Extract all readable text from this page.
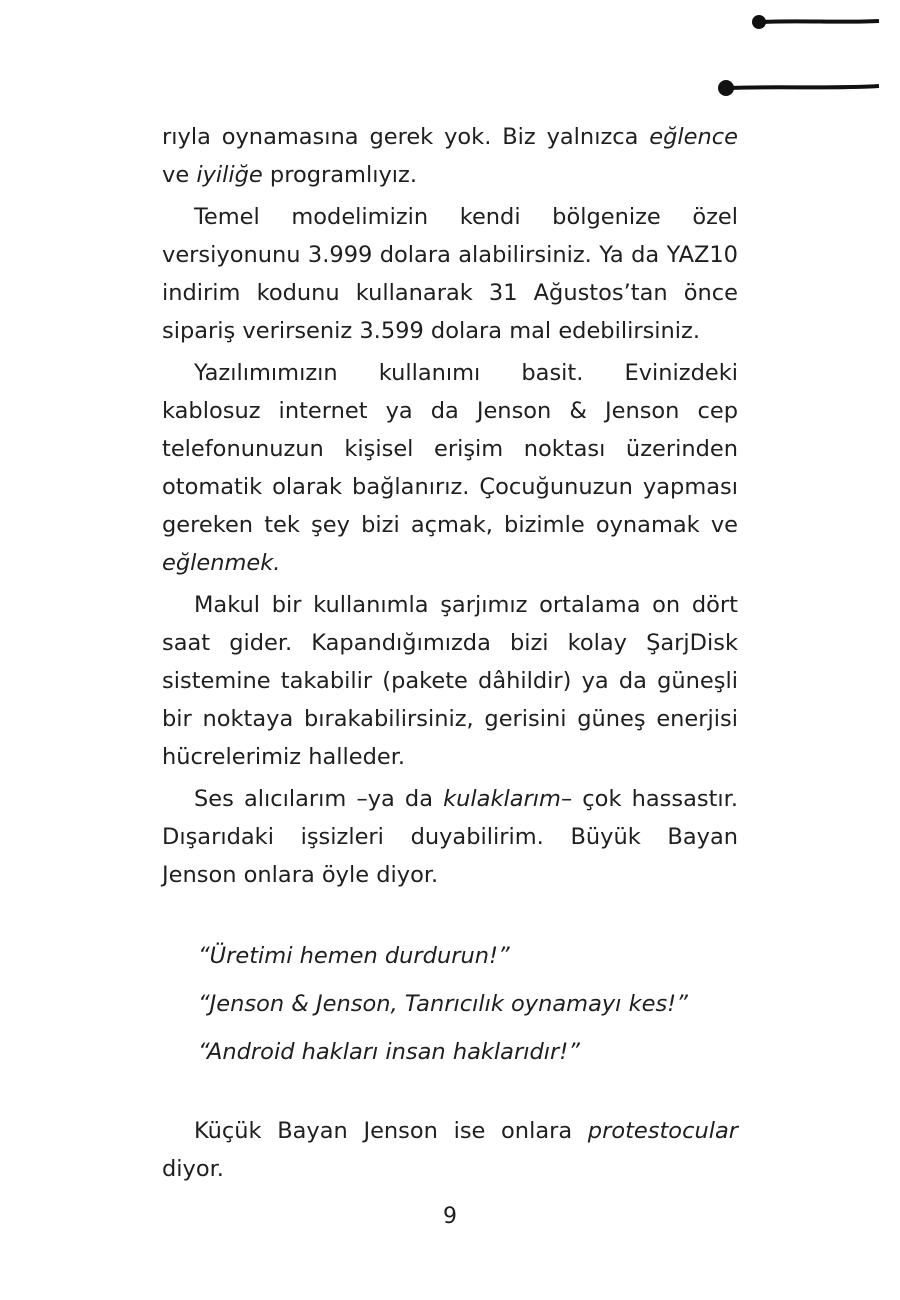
rıyla oynamasına gerek yok. Biz yalnızca eğlence ve iyiliğe programlıyız.

Temel modelimizin kendi bölgenize özel versiyonunu 3.999 dolara alabilirsiniz. Ya da YAZ10 indirim kodunu kullanarak 31 Ağustos’tan önce sipariş verirseniz 3.599 dolara mal edebilirsiniz.

Yazılımımızın kullanımı basit. Evinizdeki kablosuz internet ya da Jenson & Jenson cep telefonunuzun kişisel erişim noktası üzerinden otomatik olarak bağlanırız. Çocuğunuzun yapması gereken tek şey bizi açmak, bizimle oynamak ve eğlenmek.

Makul bir kullanımla şarjımız ortalama on dört saat gider. Kapandığımızda bizi kolay ŞarjDisk sistemine takabilir (pakete dâhildir) ya da güneşli bir noktaya bırakabilirsiniz, gerisini güneş enerjisi hücrelerimiz halleder.

Ses alıcılarım –ya da kulaklarım– çok hassastır. Dışarıdaki işsizleri duyabilirim. Büyük Bayan Jenson onlara öyle diyor.

“Üretimi hemen durdurun!”

“Jenson & Jenson, Tanrıcılık oynamayı kes!”

“Android hakları insan haklarıdır!”

Küçük Bayan Jenson ise onlara protestocular diyor.

9
